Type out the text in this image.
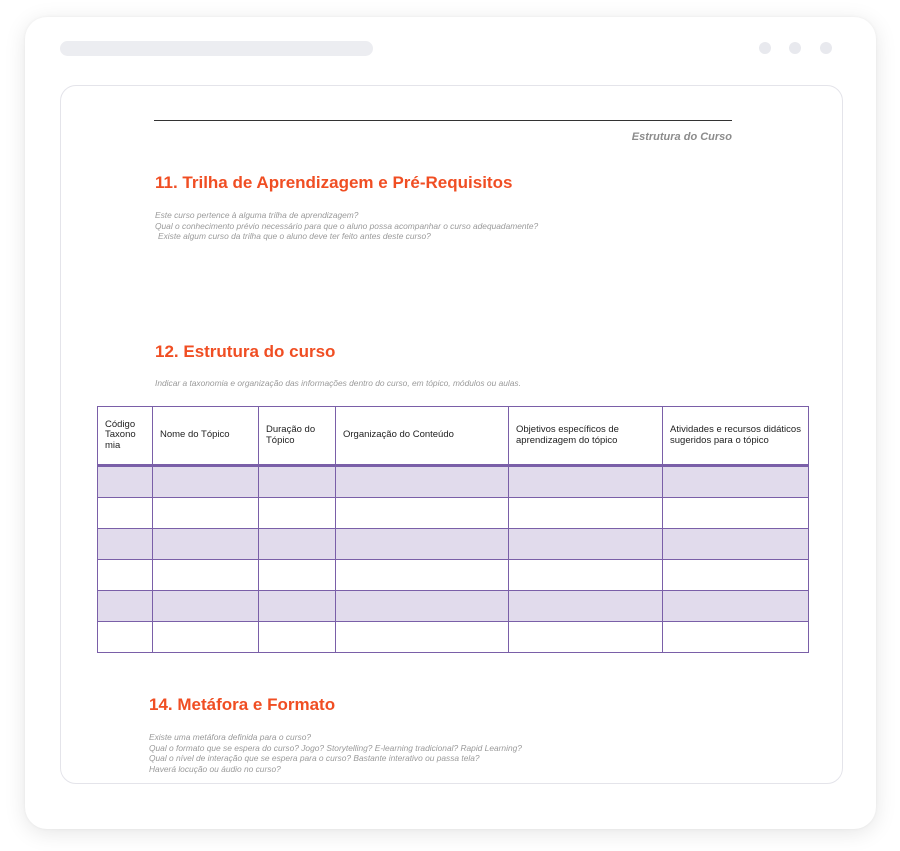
Estrutura do Curso
11. Trilha de Aprendizagem e Pré-Requisitos
Este curso pertence à alguma trilha de aprendizagem?
Qual o conhecimento prévio necessário para que o aluno possa acompanhar o curso adequadamente?
Existe algum curso da trilha que o aluno deve ter feito antes deste curso?
12. Estrutura do curso
Indicar a taxonomia e organização das informações dentro do curso, em tópico, módulos ou aulas.
Código Taxono mia	Nome do Tópico	Duração do Tópico	Organização do Conteúdo	Objetivos específicos de aprendizagem do tópico	Atividades e recursos didáticos sugeridos para o tópico

14. Metáfora e Formato
Existe uma metáfora definida para o curso?
Qual o formato que se espera do curso? Jogo? Storytelling? E-learning tradicional? Rapid Learning?
Qual o nível de interação que se espera para o curso? Bastante interativo ou passa tela?
Haverá locução ou áudio no curso?
